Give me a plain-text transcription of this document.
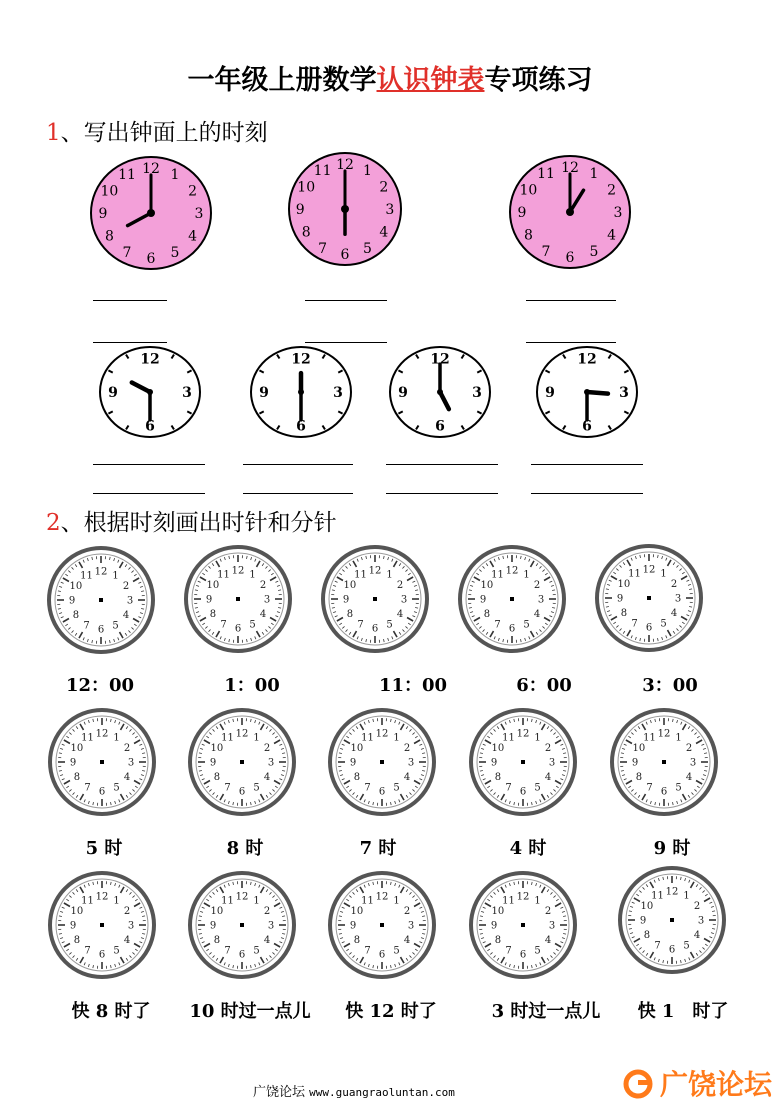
一年级上册数学认识钟表专项练习
1、写出钟面上的时刻
2、根据时刻画出时针和分针
1
2
3
4
5
6
7
8
9
10
11 12	1
2
3
4
5
6
7
8
9
10
11 12
1
2
3
4
5
6
7
8
9
10
11 12
3
6
9
12
3
6
9
12
3
6
9
12
3
6
9
12
1
2
3
4
5
6
7
8
9
10
11 12	1
2
3
4
5
6
7
8
9
10
11 12	1
2
3
4
5
6
7
8
9
10
11 12	1
2
3
4
5
6
7
8
9
10
11 12	1
2
3
4
5
6
7
8
9
10
11 12
1
2
3
4
5
6
7
8
9
10
11 12	1
2
3
4
5
6
7
8
9
10
11 12	1
2
3
4
5
6
7
8
9
10
11 12	1
2
3
4
5
6
7
8
9
10
11 12	1
2
3
4
5
6
7
8
9
10
11 12
1
2
3
4
5
6
7
8
9
10
11 12	1
2
3
4
5
6
7
8
9
10
11 12	1
2
3
4
5
6
7
8
9
10
11 12	1
2
3
4
5
6
7
8
9
10
11 12	1
2
3
4
5
6
7
8
9
10
11 12
12：00	1：00	11：00	6：00	3：00
5 时	8 时	7 时	4 时	9 时
快 8 时了	10 时过一点儿	快 12 时了	3 时过一点儿	快 1　时了
广饶论坛 www.guangraoluntan.com	广饶论坛
